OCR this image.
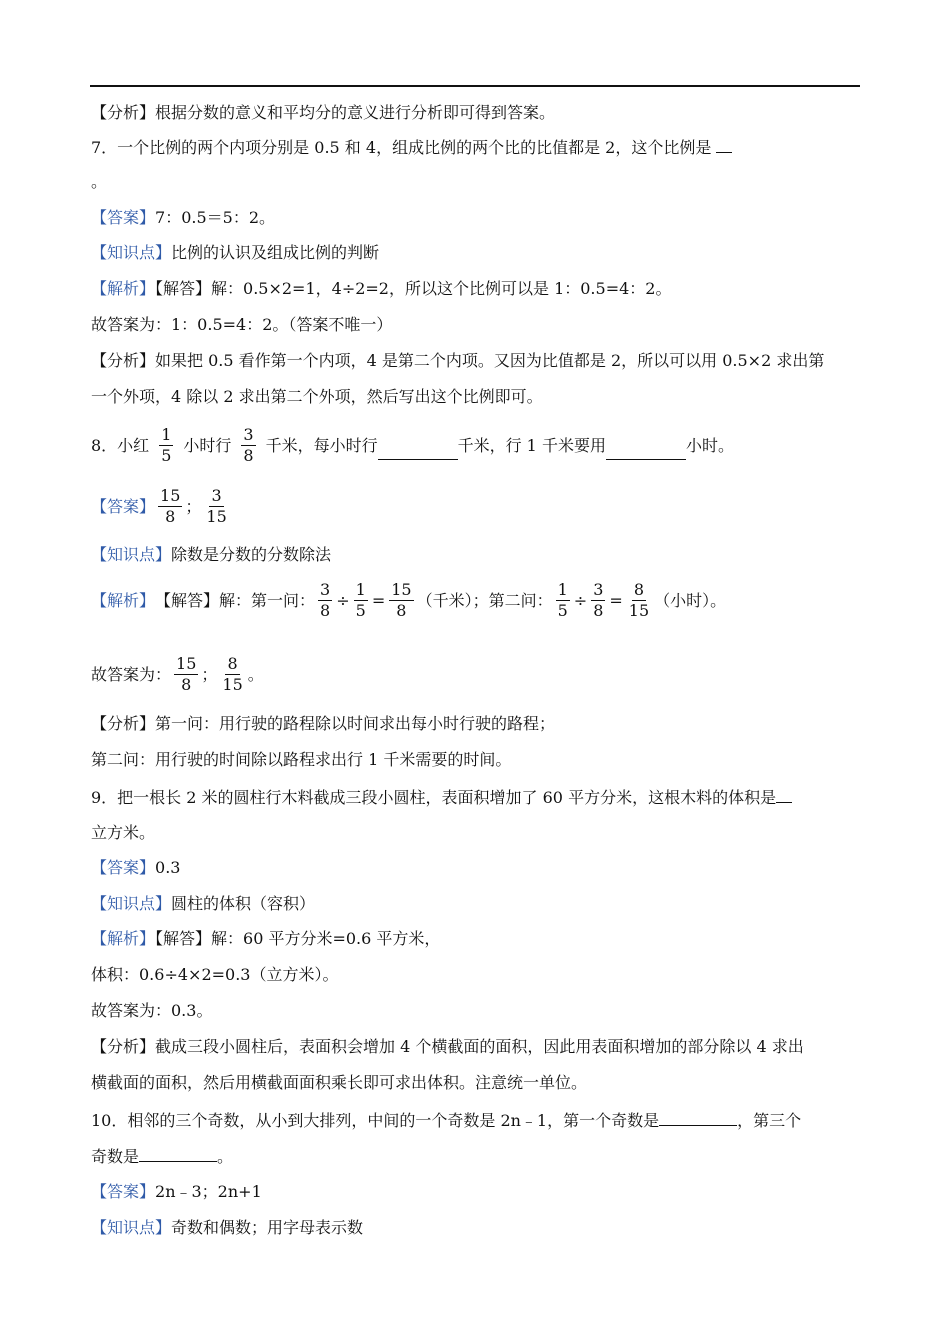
【分析】根据分数的意义和平均分的意义进行分析即可得到答案。
7．一个比例的两个内项分别是 0.5 和 4，组成比例的两个比的比值都是 2，这个比例是
。
【答案】7：0.5＝5：2。
【知识点】比例的认识及组成比例的判断
【解析】【解答】解：0.5×2=1，4÷2=2，所以这个比例可以是 1：0.5=4：2。
故答案为：1：0.5=4：2。（答案不唯一）
【分析】如果把 0.5 看作第一个内项，4 是第二个内项。又因为比值都是 2，所以可以用 0.5×2 求出第
一个外项，4 除以 2 求出第二个外项，然后写出这个比例即可。
8．小红 $\frac{1}{5}$ 小时行 $\frac{3}{8}$ 千米，每小时行	千米，行 1 千米要用	小时。
【答案】 $\frac{15}{8}$ ； $\frac{3}{15}$
【知识点】除数是分数的分数除法
【解析】 【解答】解：第一问： $\frac{3}{8} \div \frac{1}{5} = \frac{15}{8}$ （千米）；第二问： $\frac{1}{5} \div \frac{3}{8} = \frac{8}{15}$ （小时）。
故答案为： $\frac{15}{8}$ ； $\frac{8}{15}$ 。
【分析】第一问：用行驶的路程除以时间求出每小时行驶的路程；
第二问：用行驶的时间除以路程求出行 1 千米需要的时间。
9．把一根长 2 米的圆柱行木料截成三段小圆柱，表面积增加了 60 平方分米，这根木料的体积是
立方米。
【答案】0.3
【知识点】圆柱的体积（容积）
【解析】【解答】解：60 平方分米=0.6 平方米，
体积：0.6÷4×2=0.3（立方米）。
故答案为：0.3。
【分析】截成三段小圆柱后，表面积会增加 4 个横截面的面积，因此用表面积增加的部分除以 4 求出
横截面的面积，然后用横截面面积乘长即可求出体积。注意统一单位。
10．相邻的三个奇数，从小到大排列，中间的一个奇数是 2n﹣1，第一个奇数是	，第三个
奇数是	。
【答案】2n﹣3；2n+1
【知识点】奇数和偶数；用字母表示数
